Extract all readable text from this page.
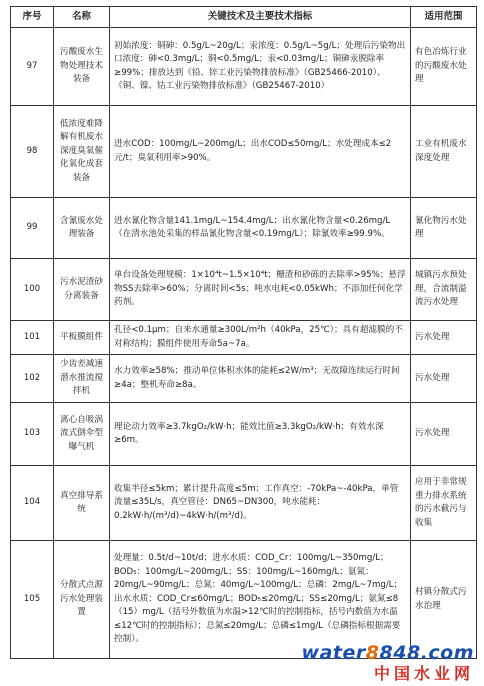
序号	名称	关键技术及主要技术指标	适用范围
97	污酸废水生物处理技术装备	初始浓度：铜砷：0.5g/L~20g/L；汞浓度：0.5g/L~5g/L；处理后污染物出口浓度：砷<0.3mg/L；铜<0.5mg/L；汞<0.03mg/L；铜砷汞脱除率≥99%；排放达到《铅、锌工业污染物排放标准》（GB25466-2010）、《铜、镍、钴工业污染物排放标准》（GB25467-2010）	有色冶炼行业的污酸废水处理
98	低浓度难降解有机废水深度臭氧催化氧化成套装备	进水COD：100mg/L~200mg/L；出水COD≤50mg/L；水处理成本≤2元/t；臭氧利用率>90%。	工业有机废水深度处理
99	含氰废水处理装备	进水氰化物含量141.1mg/L~154.4mg/L；出水氰化物含量<0.26mg/L（在清水池处采集的样品氰化物含量<0.19mg/L）；除氰效率≥99.9%。	氰化物污水处理
100	污水泥渣砂分离装备	单台设备处理规模：1×10⁴t~1.5×10⁴t；栅渣和砂砾的去除率>95%；悬浮物SS去除率>60%；分离时间<5s；吨水电耗<0.05kWh；不添加任何化学药剂。	城镇污水预处理，合流制溢流污水处理
101	平板膜组件	孔径<0.1μm；自来水通量≥300L/m²h（40kPa，25℃）；具有超滤膜的不对称结构；膜组件使用寿命5a~7a。	污水处理
102	少齿差减速潜水推流搅拌机	水力效率≥58%；推动单位体积水体的能耗≤2W/m³；无故障连续运行时间≥4a；整机寿命≥8a。	污水处理
103	离心自吸涡流式倒伞型曝气机	理论动力效率≥3.7kgO₂/kW·h；能效比值≥3.3kgO₂/kW·h；有效水深≥6m。	污水处理
104	真空排导系统	收集半径≤5km；累计提升高度≤5m；工作真空：-70kPa~-40kPa，单管流量≤35L/s，真空管径：DN65~DN300，吨水能耗：0.2kW·h/(m³/d)~4kW·h/(m³/d)。	应用于非常规重力排水系统的污水截污与收集
105	分散式点源污水处理装置	处理量：0.5t/d~10t/d；进水水质：COD_Cr：100mg/L~350mg/L；BOD₅：100mg/L~200mg/L；SS：100mg/L~160mg/L；氨氮：20mg/L~90mg/L；总氮：40mg/L~100mg/L；总磷：2mg/L~7mg/L；出水水质：COD_Cr≤60mg/L；BOD₅≤20mg/L；SS≤20mg/L；氨氮≤8（15）mg/L（括号外数值为水温>12℃时的控制指标，括号内数值为水温≤12℃时的控制指标）；总氮≤20mg/L；总磷≤1mg/L（总磷指标根据需要控制）。	村镇分散式污水治理
water8848.com
中国水业网
